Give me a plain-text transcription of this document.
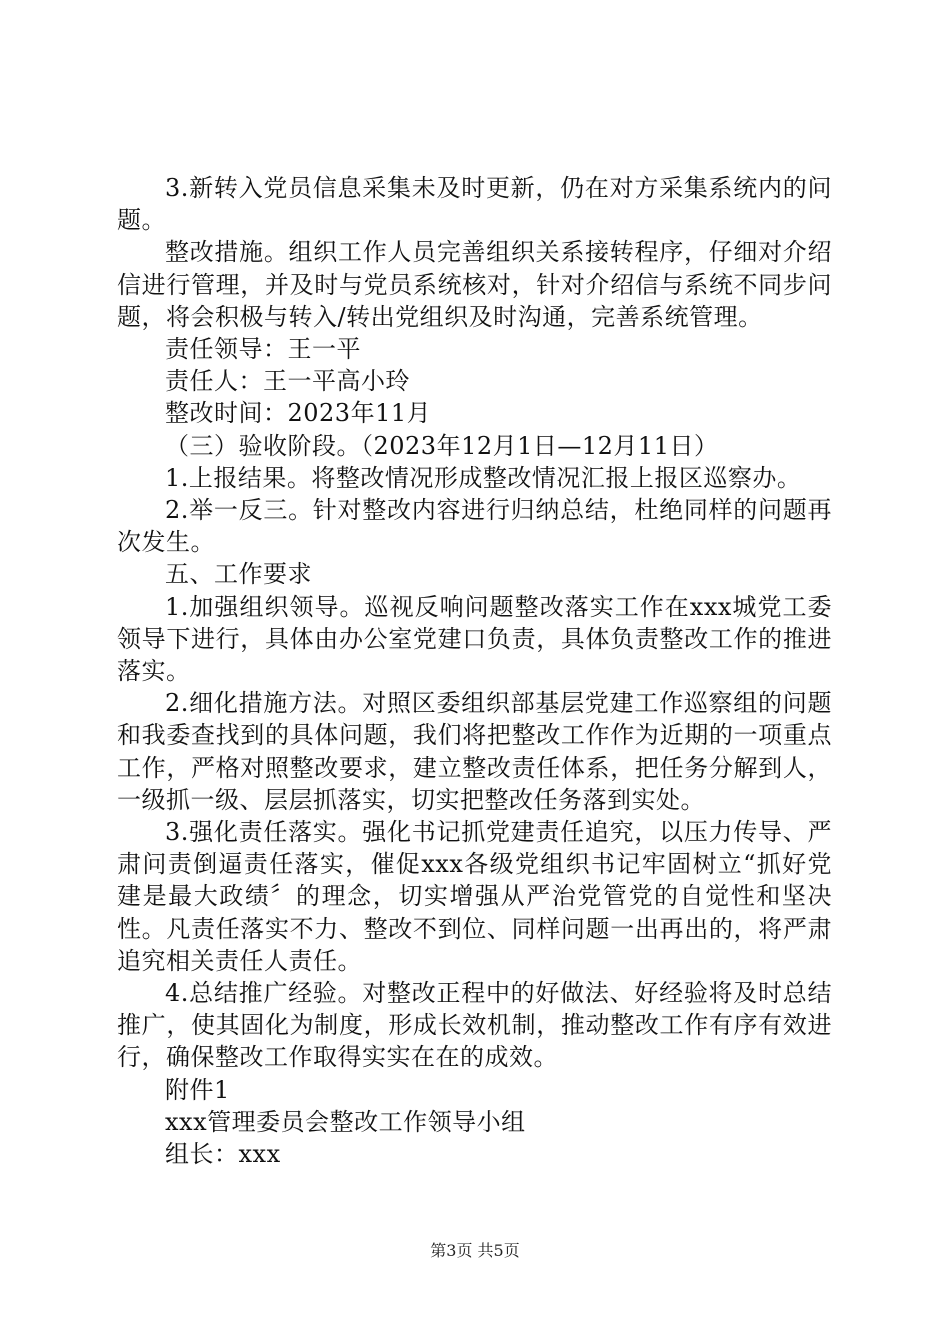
3.新转入党员信息采集未及时更新，仍在对方采集系统内的问题。

整改措施。组织工作人员完善组织关系接转程序，仔细对介绍信进行管理，并及时与党员系统核对，针对介绍信与系统不同步问题，将会积极与转入/转出党组织及时沟通，完善系统管理。

责任领导：王一平

责任人：王一平高小玲

整改时间：2023年11月

（三）验收阶段。（2023年12月1日—12月11日）

1.上报结果。将整改情况形成整改情况汇报上报区巡察办。

2.举一反三。针对整改内容进行归纳总结，杜绝同样的问题再次发生。

五、工作要求

1.加强组织领导。巡视反响问题整改落实工作在xxx城党工委领导下进行，具体由办公室党建口负责，具体负责整改工作的推进落实。

2.细化措施方法。对照区委组织部基层党建工作巡察组的问题和我委查找到的具体问题，我们将把整改工作作为近期的一项重点工作，严格对照整改要求，建立整改责任体系，把任务分解到人，一级抓一级、层层抓落实，切实把整改任务落到实处。

3.强化责任落实。强化书记抓党建责任追究，以压力传导、严肃问责倒逼责任落实，催促xxx各级党组织书记牢固树立“抓好党建是最大政绩〞的理念，切实增强从严治党管党的自觉性和坚决性。凡责任落实不力、整改不到位、同样问题一出再出的，将严肃追究相关责任人责任。

4.总结推广经验。对整改正程中的好做法、好经验将及时总结推广，使其固化为制度，形成长效机制，推动整改工作有序有效进行，确保整改工作取得实实在在的成效。

附件1

xxx管理委员会整改工作领导小组

组长：xxx

第3页 共5页
